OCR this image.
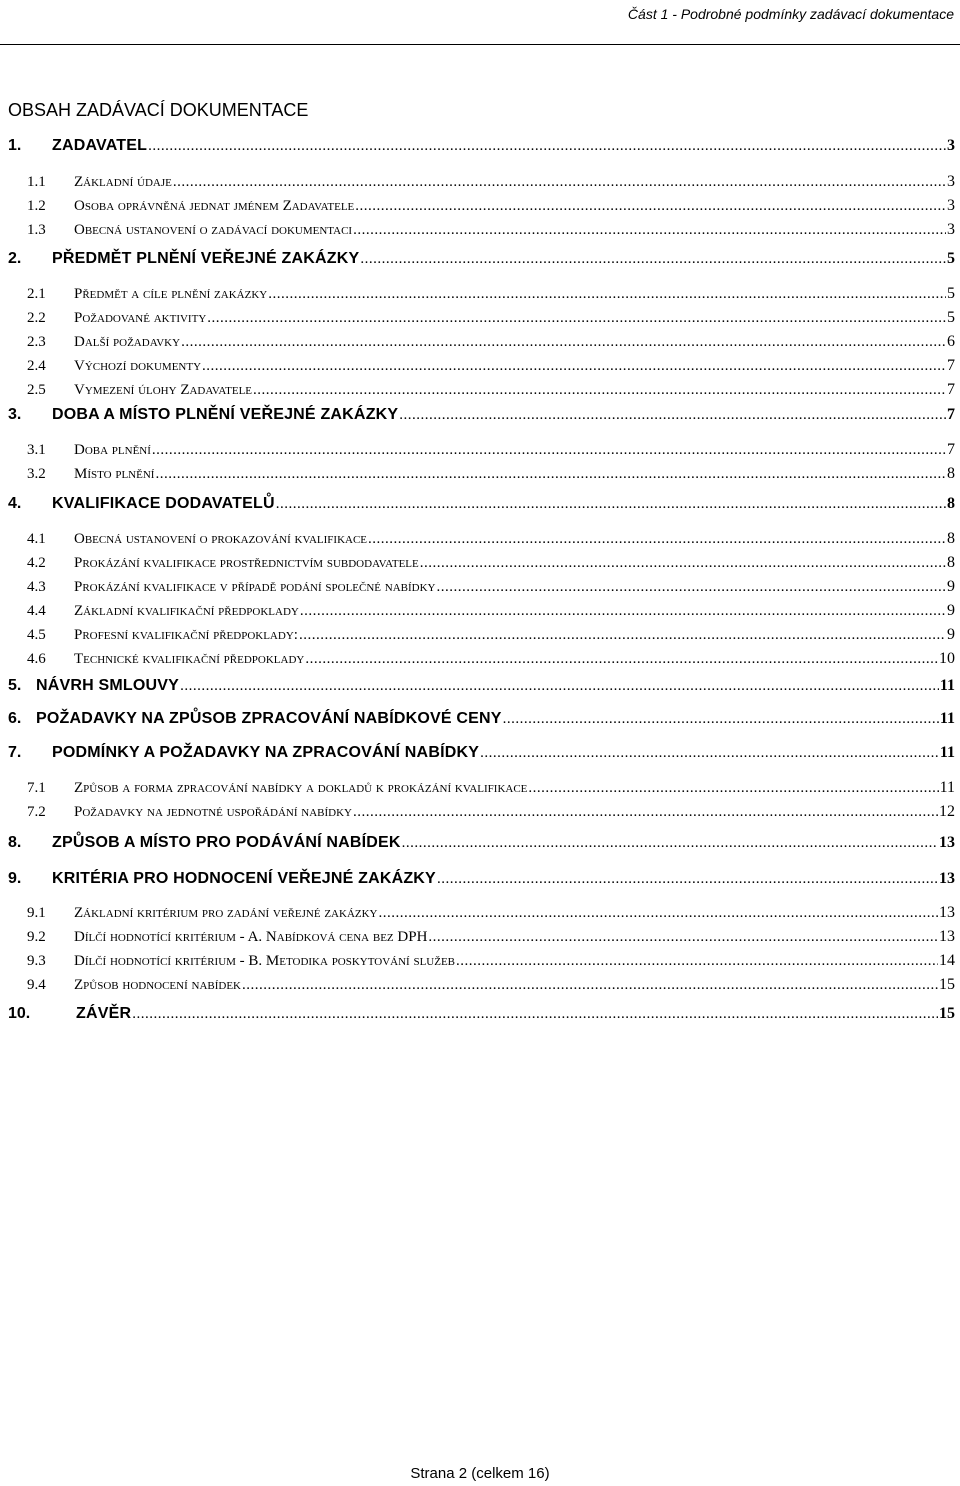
Část 1 - Podrobné podmínky zadávací dokumentace
OBSAH ZADÁVACÍ DOKUMENTACE
1.	ZADAVATEL .....	3
1.1	Základní údaje .....	3
1.2	Osoba oprávněná jednat jménem Zadavatele .....	3
1.3	Obecná ustanovení o zadávací dokumentaci .....	3
2.	PŘEDMĚT PLNĚNÍ VEŘEJNÉ ZAKÁZKY .....	5
2.1	Předmět a cíle plnění zakázky .....	5
2.2	Požadované aktivity .....	5
2.3	Další požadavky .....	6
2.4	Výchozí dokumenty .....	7
2.5	Vymezení úlohy Zadavatele .....	7
3.	DOBA A MÍSTO PLNĚNÍ VEŘEJNÉ ZAKÁZKY .....	7
3.1	Doba plnění .....	7
3.2	Místo plnění .....	8
4.	KVALIFIKACE DODAVATELŮ .....	8
4.1	Obecná ustanovení o prokazování kvalifikace .....	8
4.2	Prokázání kvalifikace prostřednictvím subdodavatele .....	8
4.3	Prokázání kvalifikace v případě podání společné nabídky .....	9
4.4	Základní kvalifikační předpoklady .....	9
4.5	Profesní kvalifikační předpoklady: .....	9
4.6	Technické kvalifikační předpoklady .....	10
5. NÁVRH SMLOUVY .....	11
6. POŽADAVKY NA ZPŮSOB ZPRACOVÁNÍ NABÍDKOVÉ CENY .....	11
7.	PODMÍNKY A POŽADAVKY NA ZPRACOVÁNÍ NABÍDKY .....	11
7.1	Způsob a forma zpracování nabídky a dokladů k prokázání kvalifikace .....	11
7.2	Požadavky na jednotné uspořádání nabídky .....	12
8.	ZPŮSOB A MÍSTO PRO PODÁVÁNÍ NABÍDEK .....	13
9.	KRITÉRIA PRO HODNOCENÍ VEŘEJNÉ ZAKÁZKY .....	13
9.1	Základní kritérium pro zadání veřejné zakázky .....	13
9.2	Dílčí hodnotící kritérium - A. Nabídková cena bez DPH .....	13
9.3	Dílčí hodnotící kritérium - B. Metodika poskytování služeb .....	14
9.4	Způsob hodnocení nabídek .....	15
10.	ZÁVĚR .....	15
Strana 2 (celkem 16)
